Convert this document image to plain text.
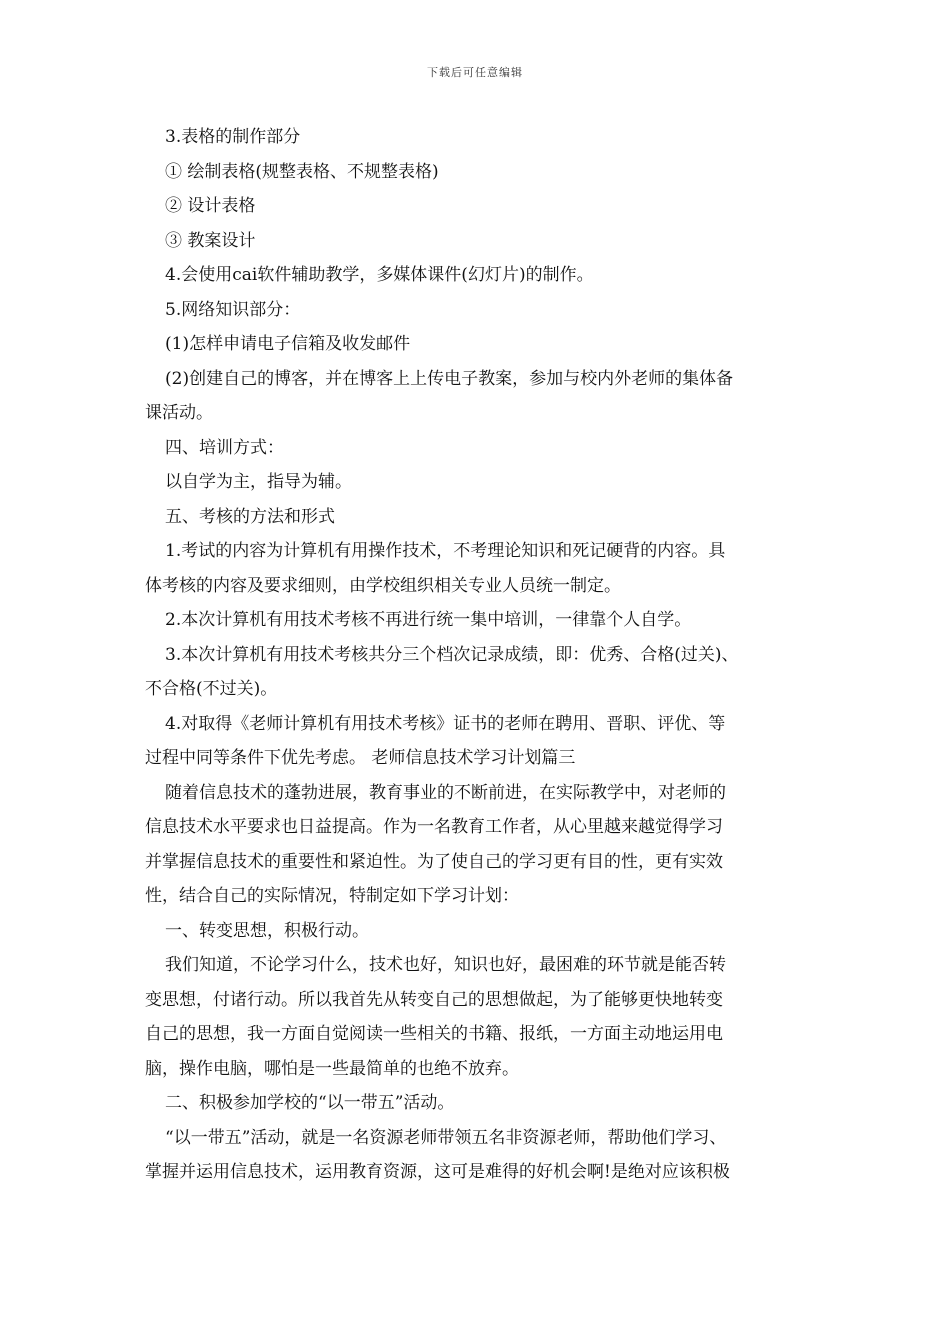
下载后可任意编辑

3.表格的制作部分

① 绘制表格(规整表格、不规整表格)

② 设计表格

③ 教案设计

4.会使用cai软件辅助教学，多媒体课件(幻灯片)的制作。

5.网络知识部分：

(1)怎样申请电子信箱及收发邮件

(2)创建自己的博客，并在博客上上传电子教案，参加与校内外老师的集体备

课活动。

四、培训方式：

以自学为主，指导为辅。

五、考核的方法和形式

1.考试的内容为计算机有用操作技术，不考理论知识和死记硬背的内容。具

体考核的内容及要求细则，由学校组织相关专业人员统一制定。

2.本次计算机有用技术考核不再进行统一集中培训，一律靠个人自学。

3.本次计算机有用技术考核共分三个档次记录成绩，即：优秀、合格(过关)、

不合格(不过关)。

4.对取得《老师计算机有用技术考核》证书的老师在聘用、晋职、评优、等

过程中同等条件下优先考虑。 老师信息技术学习计划篇三

随着信息技术的蓬勃进展，教育事业的不断前进，在实际教学中，对老师的

信息技术水平要求也日益提高。作为一名教育工作者，从心里越来越觉得学习

并掌握信息技术的重要性和紧迫性。为了使自己的学习更有目的性，更有实效

性，结合自己的实际情况，特制定如下学习计划：

一、转变思想，积极行动。

我们知道，不论学习什么，技术也好，知识也好，最困难的环节就是能否转

变思想，付诸行动。所以我首先从转变自己的思想做起，为了能够更快地转变

自己的思想，我一方面自觉阅读一些相关的书籍、报纸，一方面主动地运用电

脑，操作电脑，哪怕是一些最简单的也绝不放弃。

二、积极参加学校的“以一带五”活动。

“以一带五”活动，就是一名资源老师带领五名非资源老师，帮助他们学习、

掌握并运用信息技术，运用教育资源，这可是难得的好机会啊!是绝对应该积极
